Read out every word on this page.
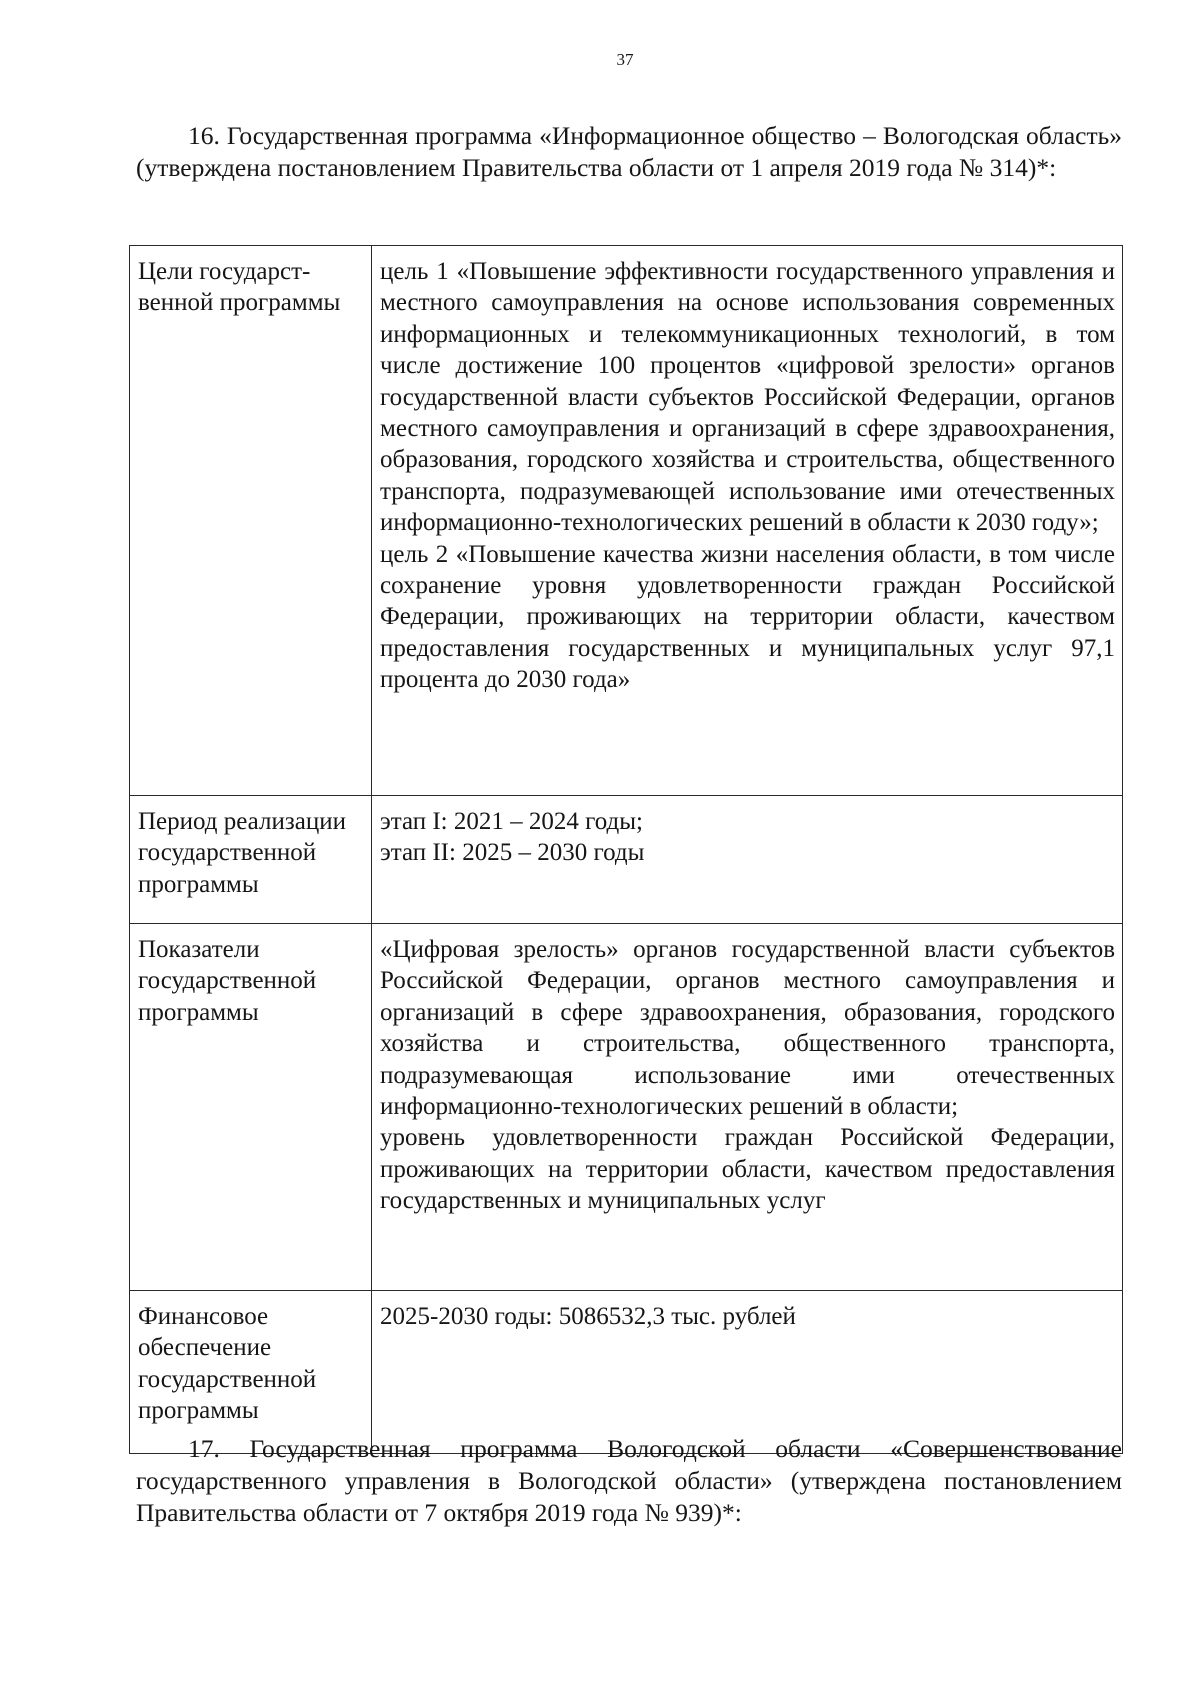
37

16. Государственная программа «Информационное общество – Вологодская область» (утверждена постановлением Правительства области от 1 апреля 2019 года № 314)*:

Цели государст-венной программы	цель 1 «Повышение эффективности государственного управления и местного самоуправления на основе использования современных информационных и телекоммуникационных технологий, в том числе достижение 100 процентов «цифровой зрелости» органов государственной власти субъектов Российской Федерации, органов местного самоуправления и организаций в сфере здравоохранения, образования, городского хозяйства и строительства, общественного транспорта, подразумевающей использование ими отечественных информационно-технологических решений в области к 2030 году»;
цель 2 «Повышение качества жизни населения области, в том числе сохранение уровня удовлетворенности граждан Российской Федерации, проживающих на территории области, качеством предоставления государственных и муниципальных услуг 97,1 процента до 2030 года»

Период реализации государственной программы	этап I: 2021 – 2024 годы;
этап II: 2025 – 2030 годы

Показатели государственной программы	«Цифровая зрелость» органов государственной власти субъектов Российской Федерации, органов местного самоуправления и организаций в сфере здравоохранения, образования, городского хозяйства и строительства, общественного транспорта, подразумевающая использование ими отечественных информационно-технологических решений в области;
уровень удовлетворенности граждан Российской Федерации, проживающих на территории области, качеством предоставления государственных и муниципальных услуг

Финансовое обеспечение государственной программы	2025-2030 годы: 5086532,3 тыс. рублей

17. Государственная программа Вологодской области «Совершенствование государственного управления в Вологодской области» (утверждена постановлением Правительства области от 7 октября 2019 года № 939)*:
